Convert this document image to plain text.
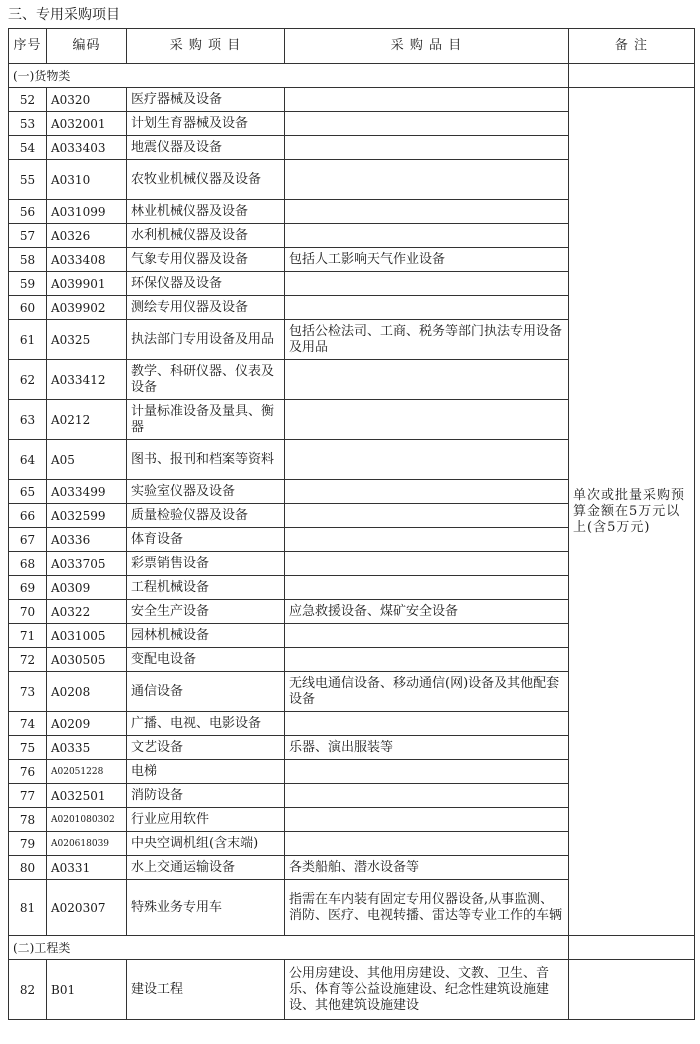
三、专用采购项目
序号	编码	采 购 项 目	采 购 品 目	备 注
(一)货物类				
52	A0320	医疗器械及设备		单次或批量采购预算金额在5万元以上(含5万元)
53	A032001	计划生育器械及设备		
54	A033403	地震仪器及设备		
55	A0310	农牧业机械仪器及设备		
56	A031099	林业机械仪器及设备		
57	A0326	水利机械仪器及设备		
58	A033408	气象专用仪器及设备	包括人工影响天气作业设备	
59	A039901	环保仪器及设备		
60	A039902	测绘专用仪器及设备		
61	A0325	执法部门专用设备及用品	包括公检法司、工商、税务等部门执法专用设备及用品	
62	A033412	教学、科研仪器、仪表及设备		
63	A0212	计量标准设备及量具、衡器		
64	A05	图书、报刊和档案等资料		
65	A033499	实验室仪器及设备		
66	A032599	质量检验仪器及设备		
67	A0336	体育设备		
68	A033705	彩票销售设备		
69	A0309	工程机械设备		
70	A0322	安全生产设备	应急救援设备、煤矿安全设备	
71	A031005	园林机械设备		
72	A030505	变配电设备		
73	A0208	通信设备	无线电通信设备、移动通信(网)设备及其他配套设备	
74	A0209	广播、电视、电影设备		
75	A0335	文艺设备	乐器、演出服装等	
76	A02051228	电梯		
77	A032501	消防设备		
78	A0201080302	行业应用软件		
79	A020618039	中央空调机组(含末端)		
80	A0331	水上交通运输设备	各类船舶、潜水设备等	
81	A020307	特殊业务专用车	指需在车内装有固定专用仪器设备,从事监测、消防、医疗、电视转播、雷达等专业工作的车辆	
(二)工程类				
82	B01	建设工程	公用房建设、其他用房建设、文教、卫生、音乐、体育等公益设施建设、纪念性建筑设施建设、其他建筑设施建设	
